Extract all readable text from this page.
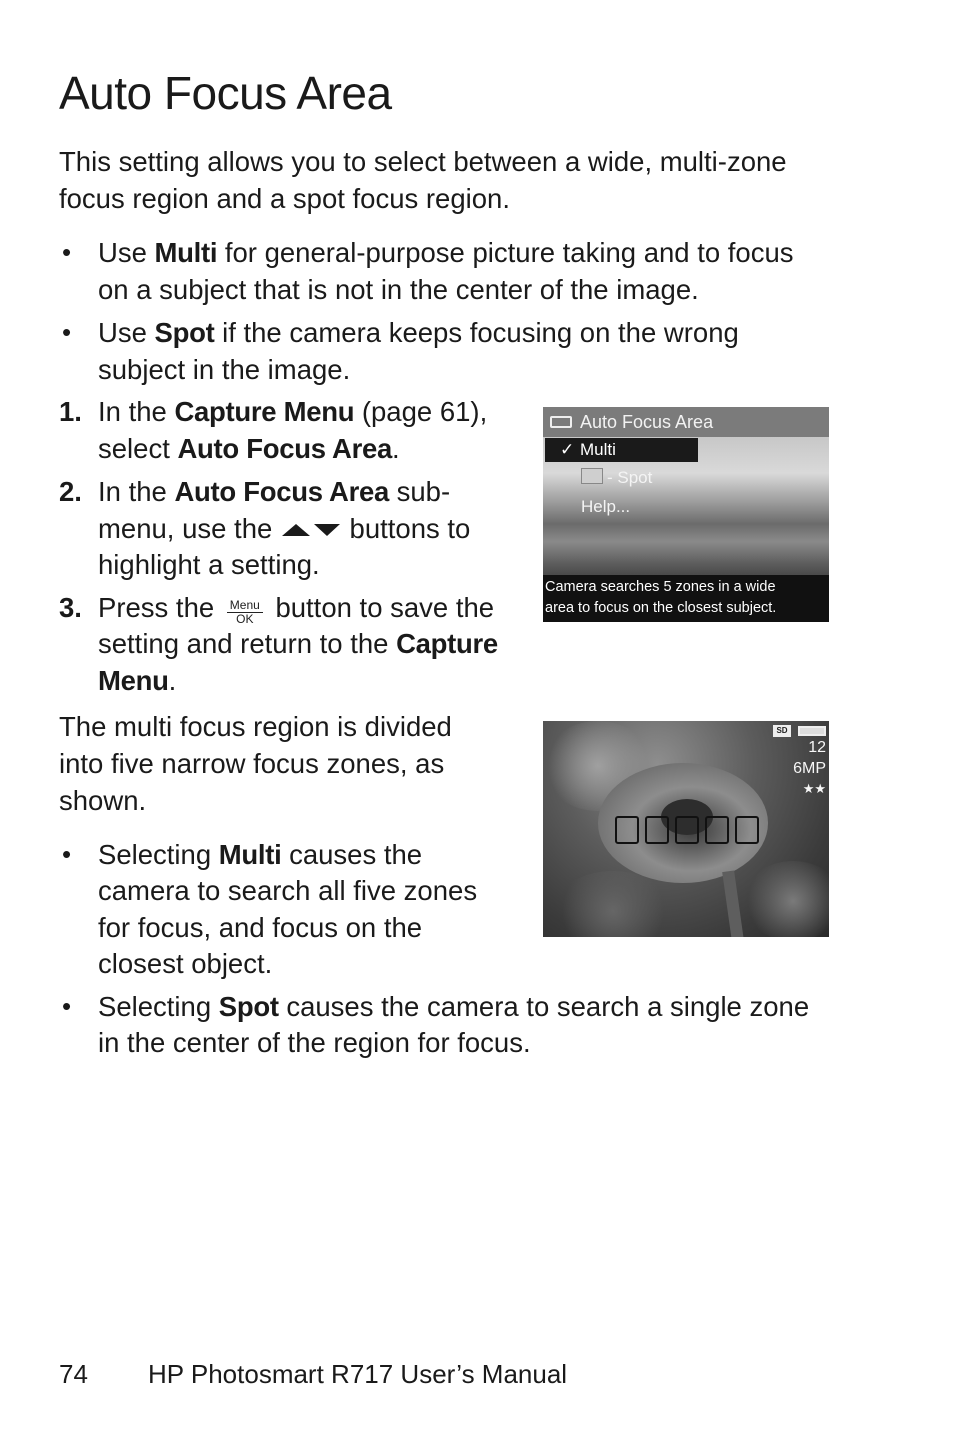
Auto Focus Area

This setting allows you to select between a wide, multi-zone

focus region and a spot focus region.

• Use Multi for general-purpose picture taking and to focus

on a subject that is not in the center of the image.

• Use Spot if the camera keeps focusing on the wrong

subject in the image.

1. In the Capture Menu (page 61),

select Auto Focus Area.

2. In the Auto Focus Area sub-

menu, use the  buttons to

highlight a setting.

3. Press the Menu
OK button to save the

setting and return to the Capture

Menu.

Auto Focus Area
✓ Multi
- Spot
Help...
Camera searches 5 zones in a wide
area to focus on the closest subject.

The multi focus region is divided

into five narrow focus zones, as

shown.

SD
12
6MP
★★
• Selecting Multi causes the

camera to search all five zones

for focus, and focus on the

closest object.

• Selecting Spot causes the camera to search a single zone

in the center of the region for focus.

74 HP Photosmart R717 User’s Manual
